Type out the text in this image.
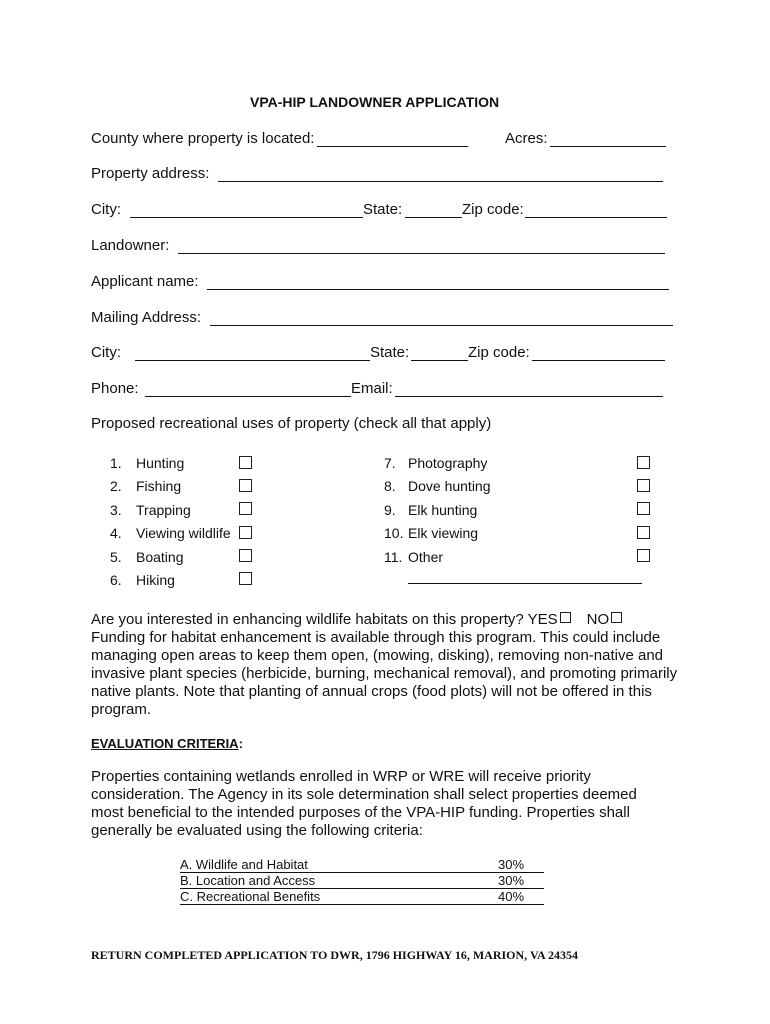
VPA-HIP LANDOWNER APPLICATION
County where property is located:	Acres:
Property address:
City:	State:	Zip code:
Landowner:
Applicant name:
Mailing Address:
City:	State:	Zip code:
Phone:	Email:
Proposed recreational uses of property (check all that apply)
1. Hunting
2. Fishing
3. Trapping
4. Viewing wildlife
5. Boating
6. Hiking
7. Photography
8. Dove hunting
9. Elk hunting
10. Elk viewing
11. Other
Are you interested in enhancing wildlife habitats on this property? YES NO
Funding for habitat enhancement is available through this program. This could include managing open areas to keep them open, (mowing, disking), removing non-native and invasive plant species (herbicide, burning, mechanical removal), and promoting primarily native plants. Note that planting of annual crops (food plots) will not be offered in this program.
EVALUATION CRITERIA:
Properties containing wetlands enrolled in WRP or WRE will receive priority consideration. The Agency in its sole determination shall select properties deemed most beneficial to the intended purposes of the VPA-HIP funding. Properties shall generally be evaluated using the following criteria:
A. Wildlife and Habitat	30%
B. Location and Access	30%
C. Recreational Benefits	40%
RETURN COMPLETED APPLICATION TO DWR, 1796 HIGHWAY 16, MARION, VA 24354
